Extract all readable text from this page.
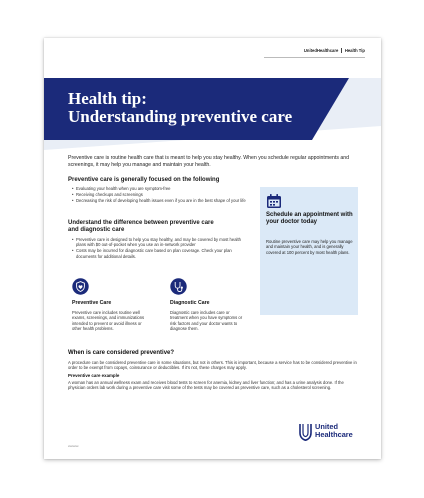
UnitedHealthcare Health Tip
Health tip:
Understanding preventive care

Preventive care is routine health care that is meant to help you stay healthy. When you schedule regular appointments and screenings, it may help you manage and maintain your health.

Preventive care is generally focused on the following
• Evaluating your health when you are symptom-free
• Receiving checkups and screenings
• Decreasing the risk of developing health issues even if you are in the best shape of your life
Understand the difference between preventive care
and diagnostic care
• Preventive care is designed to help you stay healthy, and may be covered by most health plans with $0 out-of-pocket when you use an in-network provider
• Costs may be incurred for diagnostic care based on plan coverage. Check your plan documents for additional details.
Schedule an appointment with your doctor today
Routine preventive care may help you manage and maintain your health, and is generally covered at 100 percent by most health plans.
Preventive Care
Preventive care includes routine well exams, screenings, and immunizations intended to prevent or avoid illness or other health problems.
Diagnostic Care
Diagnostic care includes care or treatment when you have symptoms or risk factors and your doctor wants to diagnose them.
When is care considered preventive?
A procedure can be considered preventive care in some situations, but not in others. This is important, because a service has to be considered preventive in order to be exempt from copays, coinsurance or deductibles. If it's not, these charges may apply.
Preventive care example
A woman has an annual wellness exam and receives blood tests to screen for anemia, kidney and liver function; and has a urine analysis done. If the physician orders lab work during a preventive care visit some of the tests may be covered as preventive care, such as a cholesterol screening.
xxxxxxx
United
Healthcare
